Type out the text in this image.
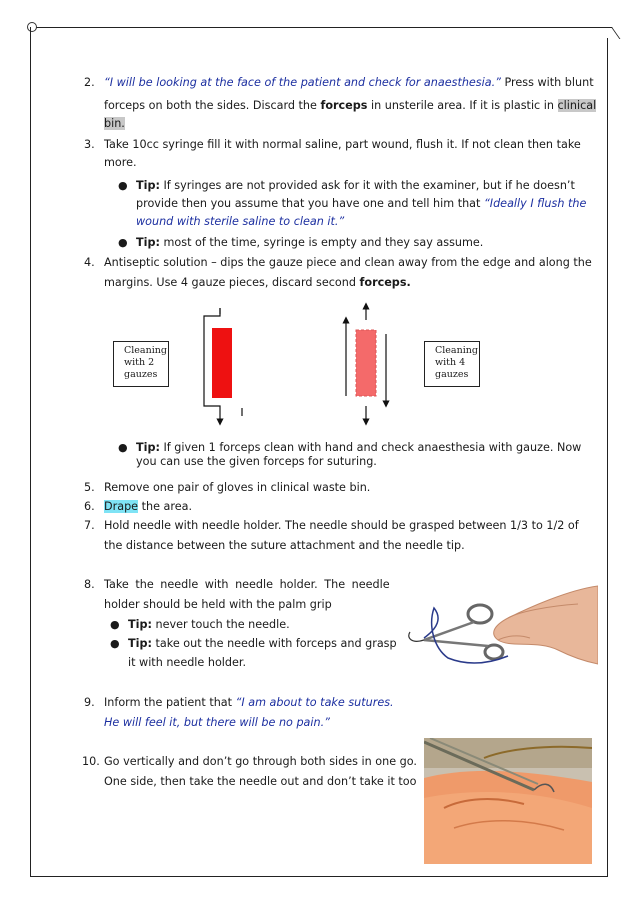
2. “I will be looking at the face of the patient and check for anaesthesia.” Press with blunt
forceps on both the sides. Discard the forceps in unsterile area. If it is plastic in clinical
bin.
3. Take 10cc syringe fill it with normal saline, part wound, flush it. If not clean then take
more.
● Tip: If syringes are not provided ask for it with the examiner, but if he doesn’t
provide then you assume that you have one and tell him that “Ideally I flush the
wound with sterile saline to clean it.”
● Tip: most of the time, syringe is empty and they say assume.
4. Antiseptic solution – dips the gauze piece and clean away from the edge and along the
margins. Use 4 gauze pieces, discard second forceps.
Cleaning
with 2
gauzes
Cleaning
with 4
gauzes
● Tip: If given 1 forceps clean with hand and check anaesthesia with gauze. Now
you can use the given forceps for suturing.
5. Remove one pair of gloves in clinical waste bin.
6. Drape the area.
7. Hold needle with needle holder. The needle should be grasped between 1/3 to 1/2 of
the distance between the suture attachment and the needle tip.
8. Take the needle with needle holder. The needle
holder should be held with the palm grip
● Tip: never touch the needle.
● Tip: take out the needle with forceps and grasp
it with needle holder.
9. Inform the patient that “I am about to take sutures.
He will feel it, but there will be no pain.”
10. Go vertically and don’t go through both sides in one go.
One side, then take the needle out and don’t take it too
